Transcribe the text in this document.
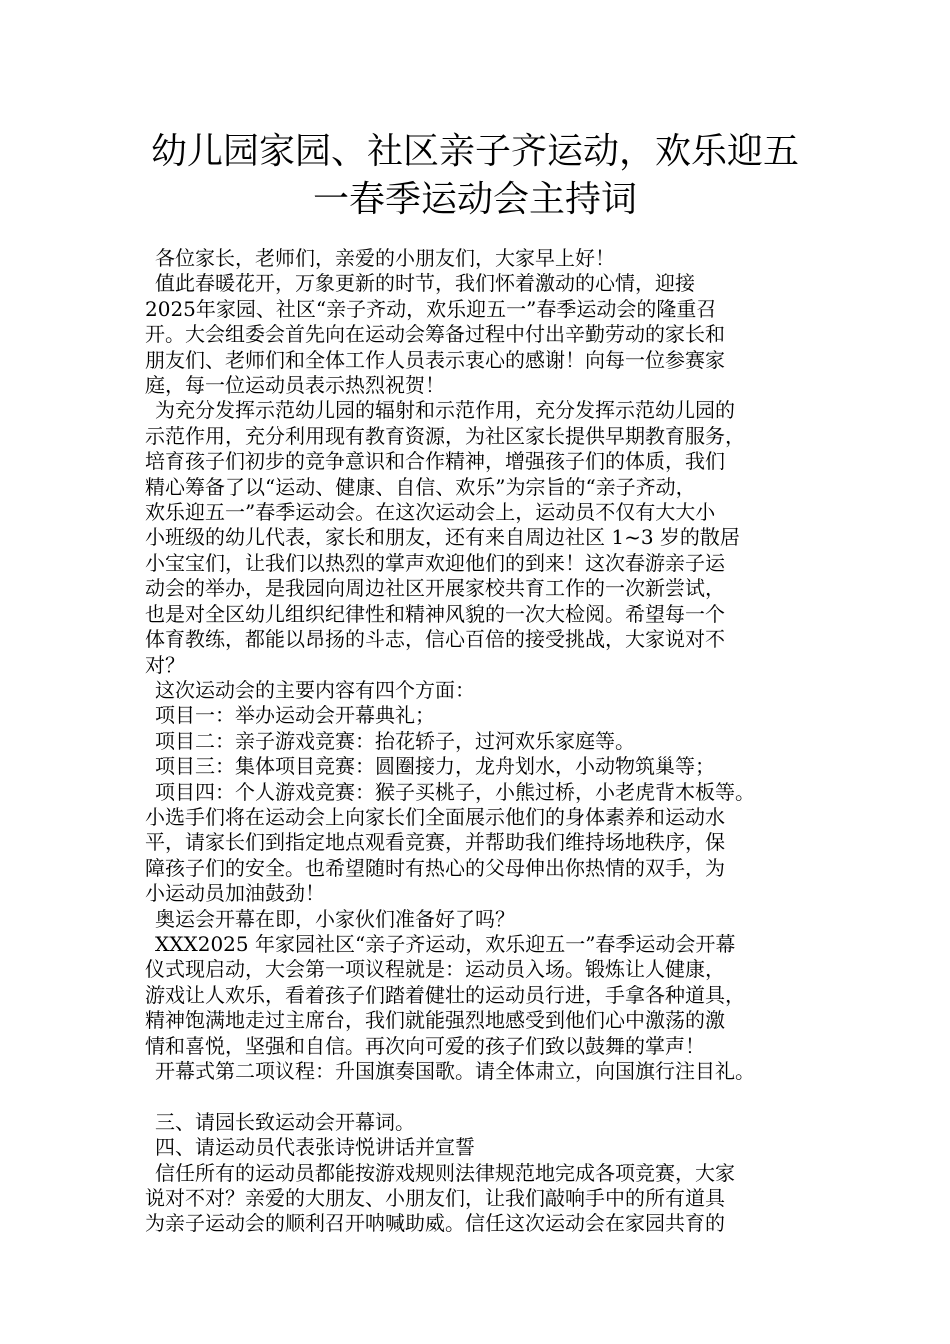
幼儿园家园、社区亲子齐运动，欢乐迎五
一春季运动会主持词

各位家长，老师们，亲爱的小朋友们，大家早上好！

值此春暖花开，万象更新的时节，我们怀着激动的心情，迎接
2025年家园、社区“亲子齐动，欢乐迎五一”春季运动会的隆重召
开。大会组委会首先向在运动会筹备过程中付出辛勤劳动的家长和
朋友们、老师们和全体工作人员表示衷心的感谢！向每一位参赛家
庭，每一位运动员表示热烈祝贺！

为充分发挥示范幼儿园的辐射和示范作用，充分发挥示范幼儿园的
示范作用，充分利用现有教育资源，为社区家长提供早期教育服务，
培育孩子们初步的竞争意识和合作精神，增强孩子们的体质，我们
精心筹备了以“运动、健康、自信、欢乐”为宗旨的“亲子齐动，
欢乐迎五一”春季运动会。在这次运动会上，运动员不仅有大大小
小班级的幼儿代表，家长和朋友，还有来自周边社区 1~3 岁的散居
小宝宝们，让我们以热烈的掌声欢迎他们的到来！这次春游亲子运
动会的举办，是我园向周边社区开展家校共育工作的一次新尝试，
也是对全区幼儿组织纪律性和精神风貌的一次大检阅。希望每一个
体育教练，都能以昂扬的斗志，信心百倍的接受挑战，大家说对不
对？

这次运动会的主要内容有四个方面：

项目一：举办运动会开幕典礼；

项目二：亲子游戏竞赛：抬花轿子，过河欢乐家庭等。

项目三：集体项目竞赛：圆圈接力，龙舟划水，小动物筑巢等；

项目四：个人游戏竞赛：猴子买桃子，小熊过桥，小老虎背木板等。
小选手们将在运动会上向家长们全面展示他们的身体素养和运动水
平，请家长们到指定地点观看竞赛，并帮助我们维持场地秩序，保
障孩子们的安全。也希望随时有热心的父母伸出你热情的双手，为
小运动员加油鼓劲！

奥运会开幕在即，小家伙们准备好了吗？

XXX2025 年家园社区“亲子齐运动，欢乐迎五一”春季运动会开幕
仪式现启动，大会第一项议程就是：运动员入场。锻炼让人健康，
游戏让人欢乐，看着孩子们踏着健壮的运动员行进，手拿各种道具，
精神饱满地走过主席台，我们就能强烈地感受到他们心中激荡的激
情和喜悦，坚强和自信。再次向可爱的孩子们致以鼓舞的掌声！

开幕式第二项议程：升国旗奏国歌。请全体肃立，向国旗行注目礼。

三、请园长致运动会开幕词。

四、请运动员代表张诗悦讲话并宣誓

信任所有的运动员都能按游戏规则法律规范地完成各项竞赛，大家
说对不对？亲爱的大朋友、小朋友们，让我们敲响手中的所有道具
为亲子运动会的顺利召开呐喊助威。信任这次运动会在家园共育的
